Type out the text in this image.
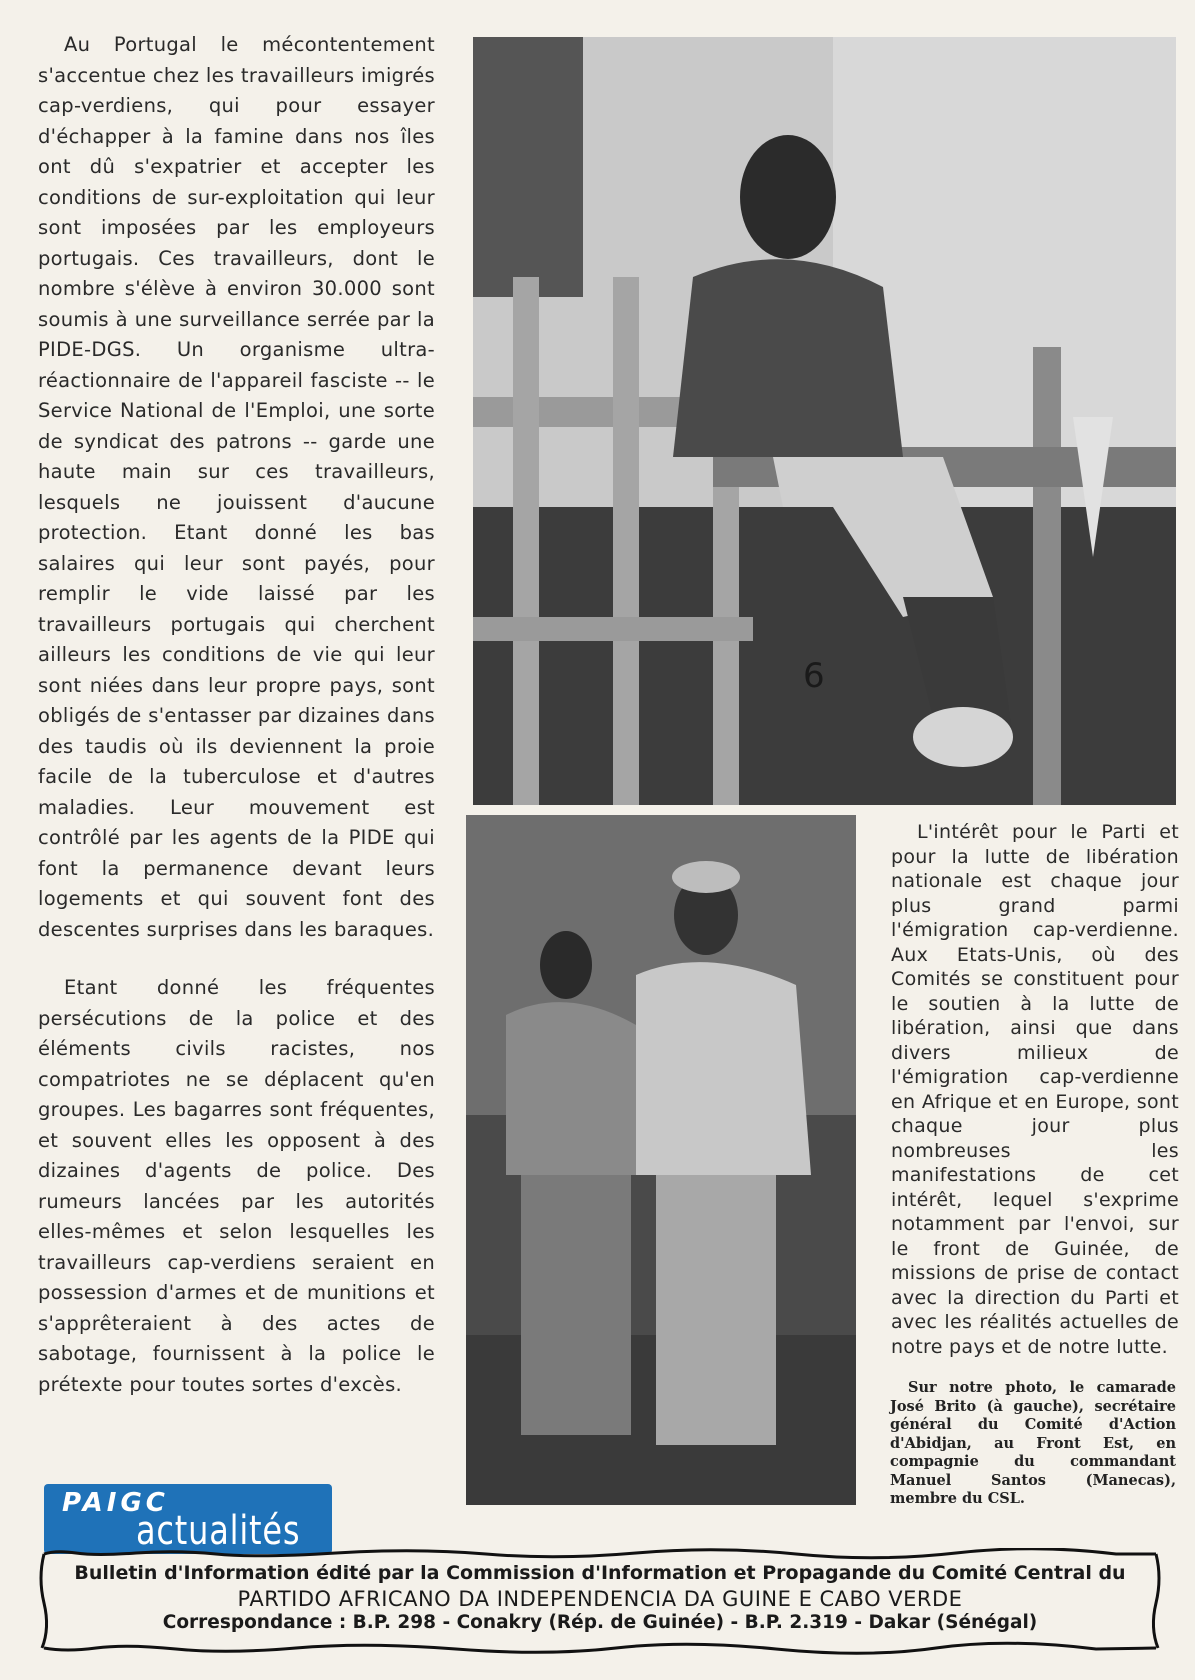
Au Portugal le mécontentement s'accentue chez les travailleurs imigrés cap-verdiens, qui pour essayer d'échapper à la famine dans nos îles ont dû s'expatrier et accepter les conditions de sur-exploitation qui leur sont imposées par les employeurs portugais. Ces travailleurs, dont le nombre s'élève à environ 30.000 sont soumis à une surveillance serrée par la PIDE-DGS. Un organisme ultra-réactionnaire de l'appareil fasciste -- le Service National de l'Emploi, une sorte de syndicat des patrons -- garde une haute main sur ces travailleurs, lesquels ne jouissent d'aucune protection. Etant donné les bas salaires qui leur sont payés, pour remplir le vide laissé par les travailleurs portugais qui cherchent ailleurs les conditions de vie qui leur sont niées dans leur propre pays, sont obligés de s'entasser par dizaines dans des taudis où ils deviennent la proie facile de la tuberculose et d'autres maladies. Leur mouvement est contrôlé par les agents de la PIDE qui font la permanence devant leurs logements et qui souvent font des descentes surprises dans les baraques.

Etant donné les fréquentes persécutions de la police et des éléments civils racistes, nos compatriotes ne se déplacent qu'en groupes. Les bagarres sont fréquentes, et souvent elles les opposent à des dizaines d'agents de police. Des rumeurs lancées par les autorités elles-mêmes et selon lesquelles les travailleurs cap-verdiens seraient en possession d'armes et de munitions et s'apprêteraient à des actes de sabotage, fournissent à la police le prétexte pour toutes sortes d'excès.

6

L'intérêt pour le Parti et pour la lutte de libération nationale est chaque jour plus grand parmi l'émigration cap-verdienne. Aux Etats-Unis, où des Comités se constituent pour le soutien à la lutte de libération, ainsi que dans divers milieux de l'émigration cap-verdienne en Afrique et en Europe, sont chaque jour plus nombreuses les manifestations de cet intérêt, lequel s'exprime notamment par l'envoi, sur le front de Guinée, de missions de prise de contact avec la direction du Parti et avec les réalités actuelles de notre pays et de notre lutte.

Sur notre photo, le camarade José Brito (à gauche), secrétaire général du Comité d'Action d'Abidjan, au Front Est, en compagnie du commandant Manuel Santos (Manecas), membre du CSL.

PAIGC
actualités
Bulletin d'Information édité par la Commission d'Information et Propagande du Comité Central du
PARTIDO AFRICANO DA INDEPENDENCIA DA GUINE E CABO VERDE
Correspondance : B.P. 298 - Conakry (Rép. de Guinée) - B.P. 2.319 - Dakar (Sénégal)
